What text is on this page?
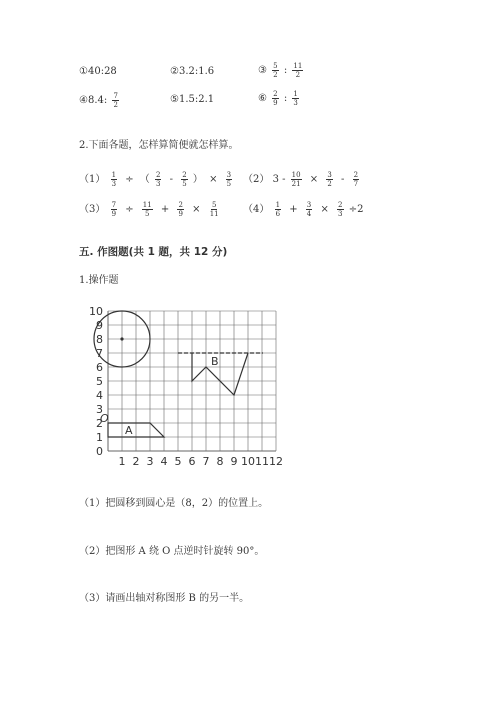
①40:28	②3.2:1.6	③ $\frac{5}{2}$ : $\frac{11}{2}$
④8.4: $\frac{7}{2}$	⑤1.5:2.1	⑥ $\frac{2}{9}$ : $\frac{1}{3}$
2.下面各题，怎样算简便就怎样算。
$(1) \frac{1}{3}$ ÷ （ $\frac{2}{3} - \frac{2}{5}$ ） × $\frac{3}{5} (2)$ $3 - \frac{10}{21} \times \frac{3}{2} - \frac{2}{7}$
$(3) \frac{7}{9} \div \frac{11}{5} + \frac{2}{9} \times \frac{5}{11} (4) \frac{1}{6} + \frac{3}{4} \times \frac{2}{3} \div 2$
五. 作图题(共 1 题，共 12 分)
1.操作题
0
1
2
3
4
5
6
7
8
9
10
1 2 3 4 5 6 7 8 9 10 11 12
A
O
B
（1）把圆移到圆心是（8，2）的位置上。
（2）把图形 A 绕 O 点逆时针旋转 90°。
（3）请画出轴对称图形 B 的另一半。
